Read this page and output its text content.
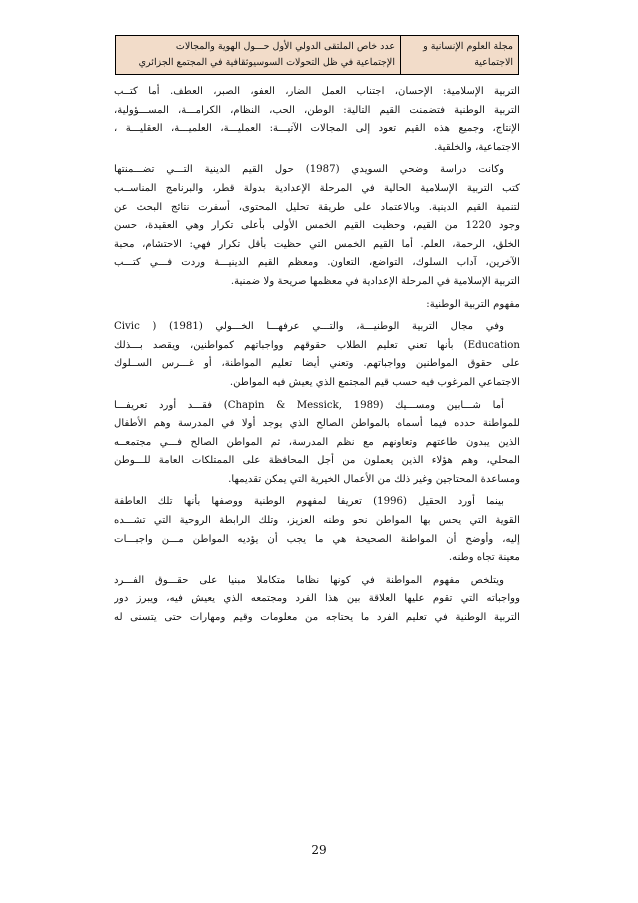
مجلة العلوم الإنسانية و
الاجتماعية
عدد خاص الملتقى الدولي الأول حـــول الهوية والمجالات
الإجتماعية في ظل التحولات السوسيوثقافية في المجتمع الجزائري
التربية الإسلامية: الإحسان، اجتناب العمل الضار، العفو، الصبر، العطف. أما كتــب
التربية الوطنية فتضمنت القيم التالية: الوطن، الحب، النظام، الكرامـــة، المســـؤولية،
الإنتاج، وجميع هذه القيم تعود إلى المجالات الآتيـــة: العمليـــة، العلميـــة، العقليـــة ،
الاجتماعية، والخلقية.
وكانت دراسة وضحي السويدي (1987) حول القيم الدينية التـــي تضـــمنتها
كتب التربية الإسلامية الحالية في المرحلة الإعدادية بدولة قطر، والبرنامج المناســب
لتنمية القيم الدينية. وبالاعتماد على طريقة تحليل المحتوى، أسفرت نتائج البحث عن
وجود 1220 من القيم، وحظيت القيم الخمس الأولى بأعلى تكرار وهي العقيدة، حسن
الخلق، الرحمة، العلم. أما القيم الخمس التي حظيت بأقل تكرار فهي: الاحتشام، محبة
الآخرين، آداب السلوك، التواضع، التعاون. ومعظم القيم الدينيـــة وردت فـــي كتـــب
التربية الإسلامية في المرحلة الإعدادية في معظمها صريحة ولا ضمنية.
مفهوم التربية الوطنية:
وفي مجال التربية الوطنيـــة، والتـــي عرفهـــا الخـــولي (1981) ( Civic
Education) بأنها تعني تعليم الطلاب حقوقهم وواجباتهم كمواطنين، ويقصد بـــذلك
على حقوق المواطنين وواجباتهم. وتعني أيضا تعليم المواطنة، أو غـــرس الســلوك
الاجتماعي المرغوب فيه حسب قيم المجتمع الذي يعيش فيه المواطن.
أما شـــابين ومســـيك (Chapin & Messick, 1989) فقـــد أورد تعريفـــا
للمواطنة حدده فيما أسماه بالمواطن الصالح الذي يوجد أولا في المدرسة وهم الأطفال
الذين يبدون طاعتهم وتعاونهم مع نظم المدرسة، ثم المواطن الصالح فـــي مجتمعــه
المحلي، وهم هؤلاء الذين يعملون من أجل المحافظة على الممتلكات العامة للـــوطن
ومساعدة المحتاجين وغير ذلك من الأعمال الخيرية التي يمكن تقديمها.
بينما أورد الحقيل (1996) تعريفا لمفهوم الوطنية ووصفها بأنها تلك العاطفة
القوية التي يحس بها المواطن نحو وطنه العزيز، وتلك الرابطة الروحية التي تشـــده
إليه، وأوضح أن المواطنة الصحيحة هي ما يجب أن يؤديه المواطن مـــن واجبـــات
معينة تجاه وطنه.
ويتلخص مفهوم المواطنة في كونها نظاما متكاملا مبنيا على حقـــوق الفـــرد
وواجباته التي تقوم عليها العلاقة بين هذا الفرد ومجتمعه الذي يعيش فيه، ويبرز دور
التربية الوطنية في تعليم الفرد ما يحتاجه من معلومات وقيم ومهارات حتى يتسنى له
29
